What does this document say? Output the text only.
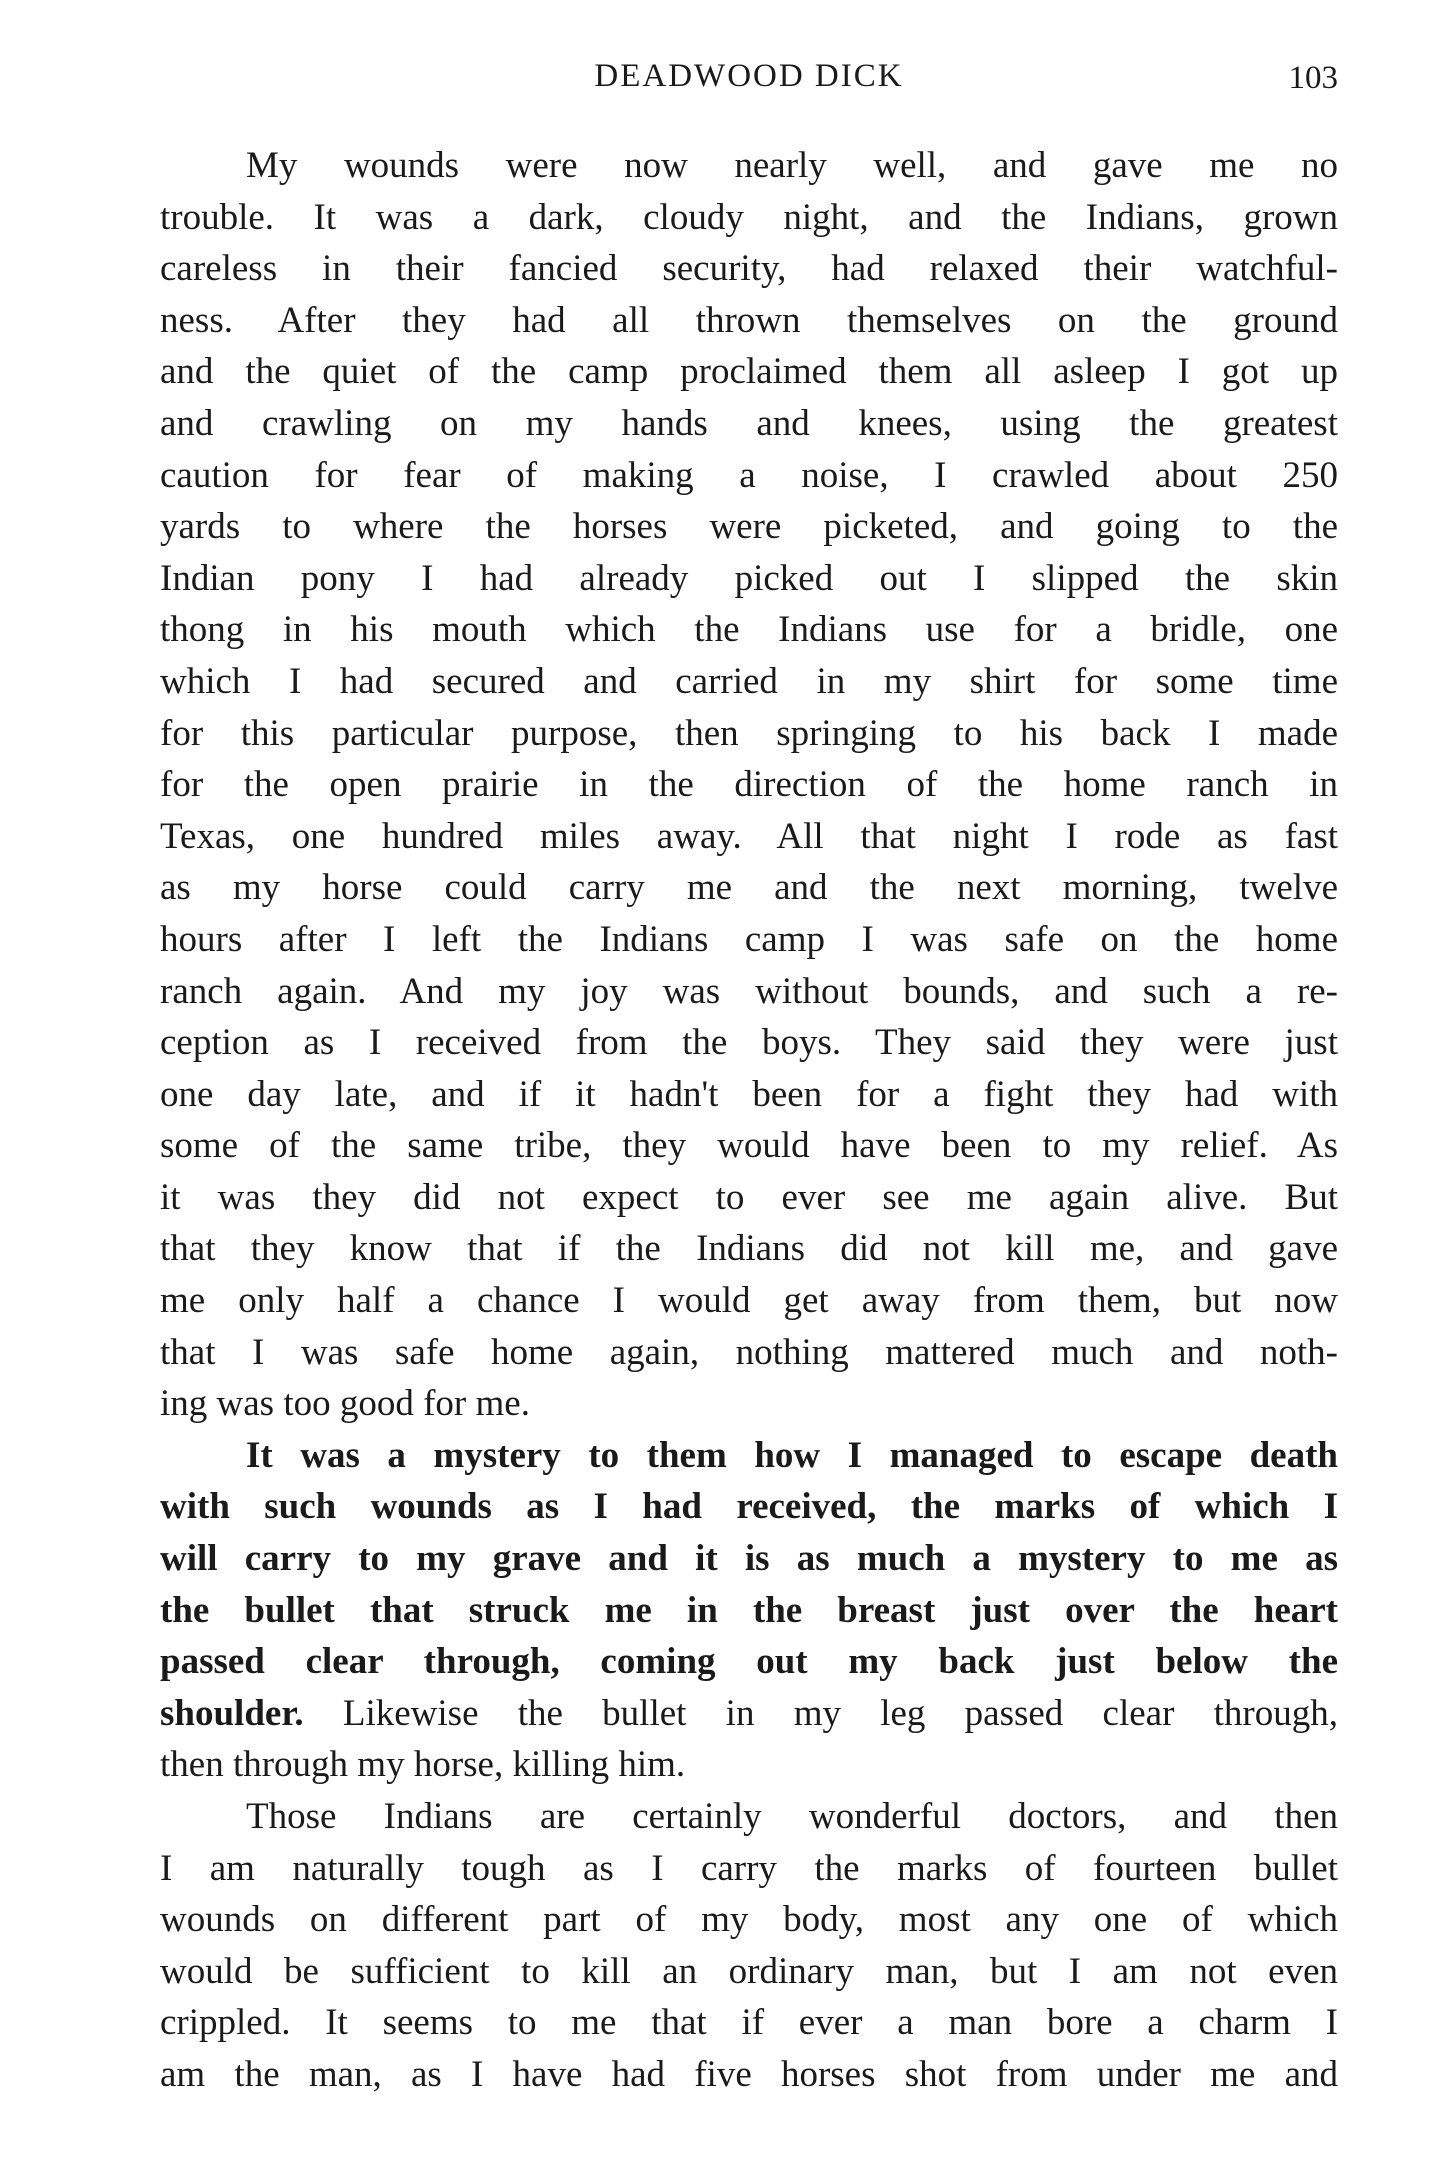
DEADWOOD DICK	103
My wounds were now nearly well, and gave me no
trouble. It was a dark, cloudy night, and the Indians, grown
careless in their fancied security, had relaxed their watchful-
ness. After they had all thrown themselves on the ground
and the quiet of the camp proclaimed them all asleep I got up
and crawling on my hands and knees, using the greatest
caution for fear of making a noise, I crawled about 250
yards to where the horses were picketed, and going to the
Indian pony I had already picked out I slipped the skin
thong in his mouth which the Indians use for a bridle, one
which I had secured and carried in my shirt for some time
for this particular purpose, then springing to his back I made
for the open prairie in the direction of the home ranch in
Texas, one hundred miles away. All that night I rode as fast
as my horse could carry me and the next morning, twelve
hours after I left the Indians camp I was safe on the home
ranch again. And my joy was without bounds, and such a re-
ception as I received from the boys. They said they were just
one day late, and if it hadn't been for a fight they had with
some of the same tribe, they would have been to my relief. As
it was they did not expect to ever see me again alive. But
that they know that if the Indians did not kill me, and gave
me only half a chance I would get away from them, but now
that I was safe home again, nothing mattered much and noth-
ing was too good for me.
It was a mystery to them how I managed to escape death
with such wounds as I had received, the marks of which I
will carry to my grave and it is as much a mystery to me as
the bullet that struck me in the breast just over the heart
passed clear through, coming out my back just below the
shoulder. Likewise the bullet in my leg passed clear through,
then through my horse, killing him.
Those Indians are certainly wonderful doctors, and then
I am naturally tough as I carry the marks of fourteen bullet
wounds on different part of my body, most any one of which
would be sufficient to kill an ordinary man, but I am not even
crippled. It seems to me that if ever a man bore a charm I
am the man, as I have had five horses shot from under me and
